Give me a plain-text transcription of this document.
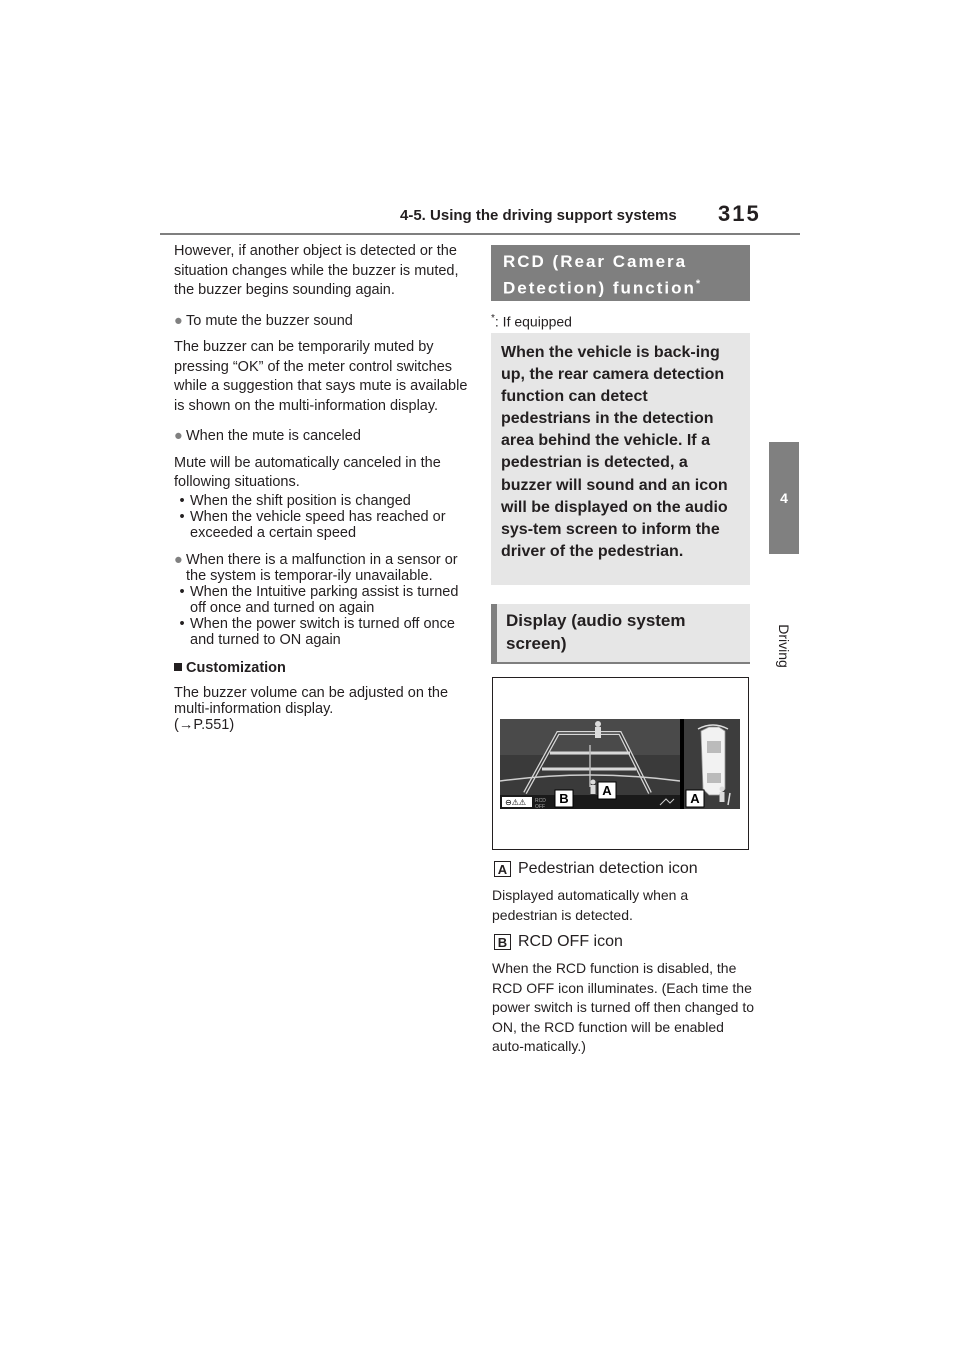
4-5. Using the driving support systems 315
4
Driving

However, if another object is detected or the situation changes while the buzzer is muted, the buzzer begins sounding again.

● To mute the buzzer sound

The buzzer can be temporarily muted by pressing “OK” of the meter control switches while a suggestion that says mute is available is shown on the multi-information display.

● When the mute is canceled

Mute will be automatically canceled in the following situations.

• When the shift position is changed
• When the vehicle speed has reached or exceeded a certain speed
● When there is a malfunction in a sensor or the system is temporar-ily unavailable.
• When the Intuitive parking assist is turned off once and turned on again
• When the power switch is turned off once and turned to ON again
Customization

The buzzer volume can be adjusted on the multi-information display.

(→P.551)

RCD (Rear Camera
Detection) function*
*: If equipped
When the vehicle is back-ing up, the rear camera detection function can detect pedestrians in the detection area behind the vehicle. If a pedestrian is detected, a buzzer will sound and an icon will be displayed on the audio sys-tem screen to inform the driver of the pedestrian.
Display (audio system screen)
⊖⚠⚠ RCD
OFF
B
A
A
A Pedestrian detection icon
Displayed automatically when a pedestrian is detected.
B RCD OFF icon
When the RCD function is disabled, the RCD OFF icon illuminates. (Each time the power switch is turned off then changed to ON, the RCD function will be enabled auto-matically.)
